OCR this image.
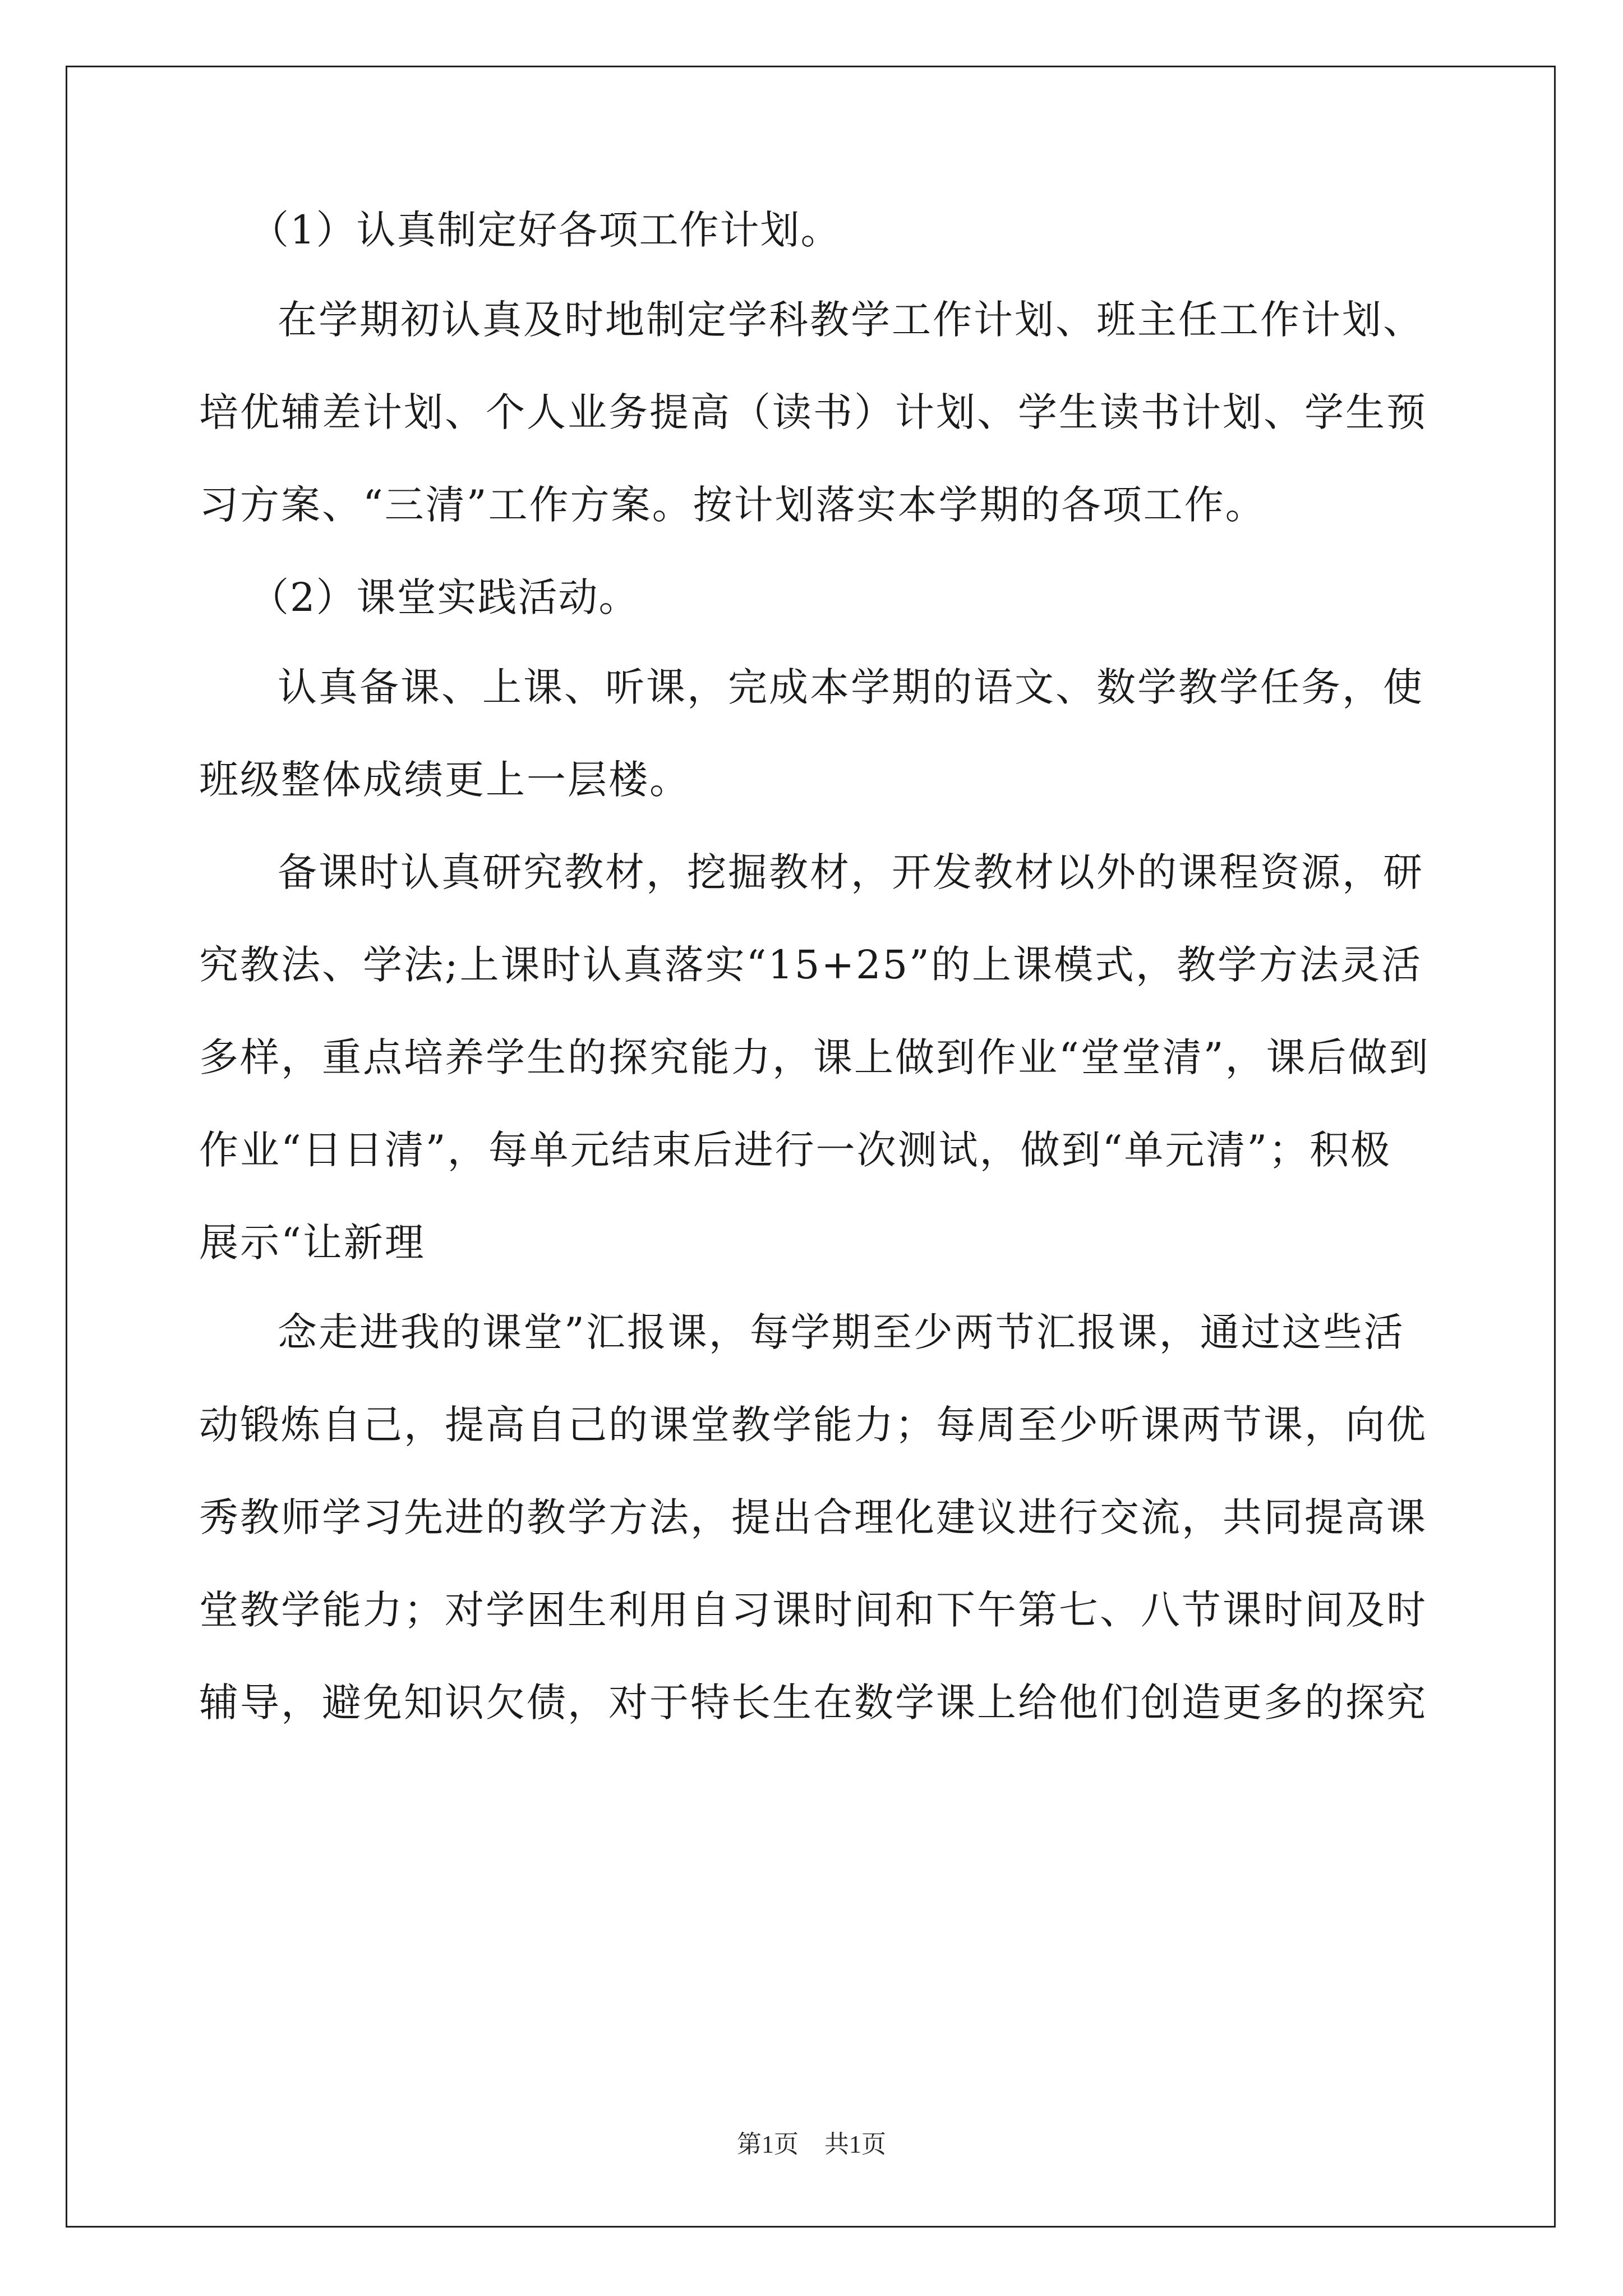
（1）认真制定好各项工作计划。
在学期初认真及时地制定学科教学工作计划、班主任工作计划、
培优辅差计划、个人业务提高（读书）计划、学生读书计划、学生预
习方案、“三清”工作方案。按计划落实本学期的各项工作。
（2）课堂实践活动。
认真备课、上课、听课，完成本学期的语文、数学教学任务，使
班级整体成绩更上一层楼。
备课时认真研究教材，挖掘教材，开发教材以外的课程资源，研
究教法、学法;上课时认真落实“15+25”的上课模式，教学方法灵活
多样，重点培养学生的探究能力，课上做到作业“堂堂清”，课后做到
作业“日日清”，每单元结束后进行一次测试，做到“单元清”；积极
展示“让新理
念走进我的课堂”汇报课，每学期至少两节汇报课，通过这些活
动锻炼自己，提高自己的课堂教学能力；每周至少听课两节课，向优
秀教师学习先进的教学方法，提出合理化建议进行交流，共同提高课
堂教学能力；对学困生利用自习课时间和下午第七、八节课时间及时
辅导，避免知识欠债，对于特长生在数学课上给他们创造更多的探究
第1页 共1页
